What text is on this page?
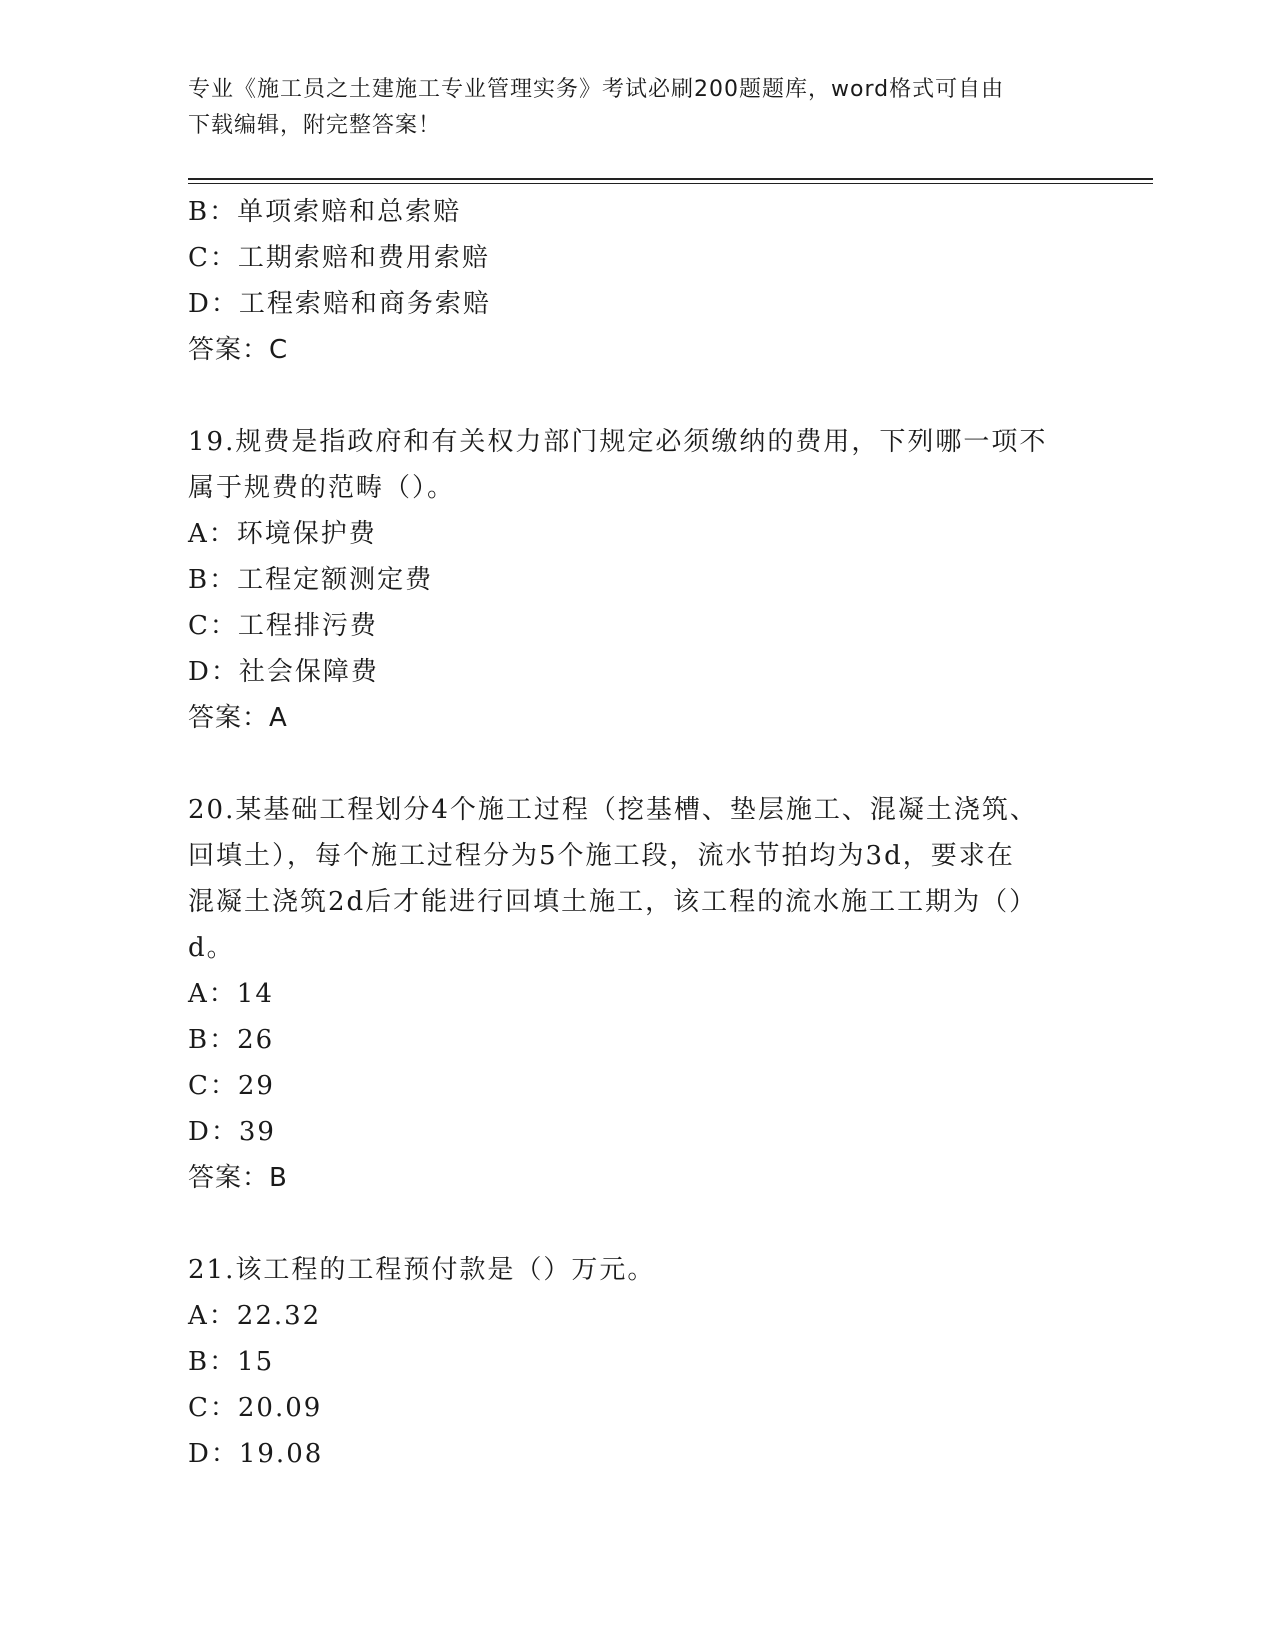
专业《施工员之土建施工专业管理实务》考试必刷200题题库，word格式可自由
下载编辑，附完整答案！
B：单项索赔和总索赔
C：工期索赔和费用索赔
D：工程索赔和商务索赔
答案：C
19.规费是指政府和有关权力部门规定必须缴纳的费用，下列哪一项不
属于规费的范畴（）。
A：环境保护费
B：工程定额测定费
C：工程排污费
D：社会保障费
答案：A
20.某基础工程划分4个施工过程（挖基槽、垫层施工、混凝土浇筑、
回填土），每个施工过程分为5个施工段，流水节拍均为3d，要求在
混凝土浇筑2d后才能进行回填土施工，该工程的流水施工工期为（）
d。
A：14
B：26
C：29
D：39
答案：B
21.该工程的工程预付款是（）万元。
A：22.32
B：15
C：20.09
D：19.08
